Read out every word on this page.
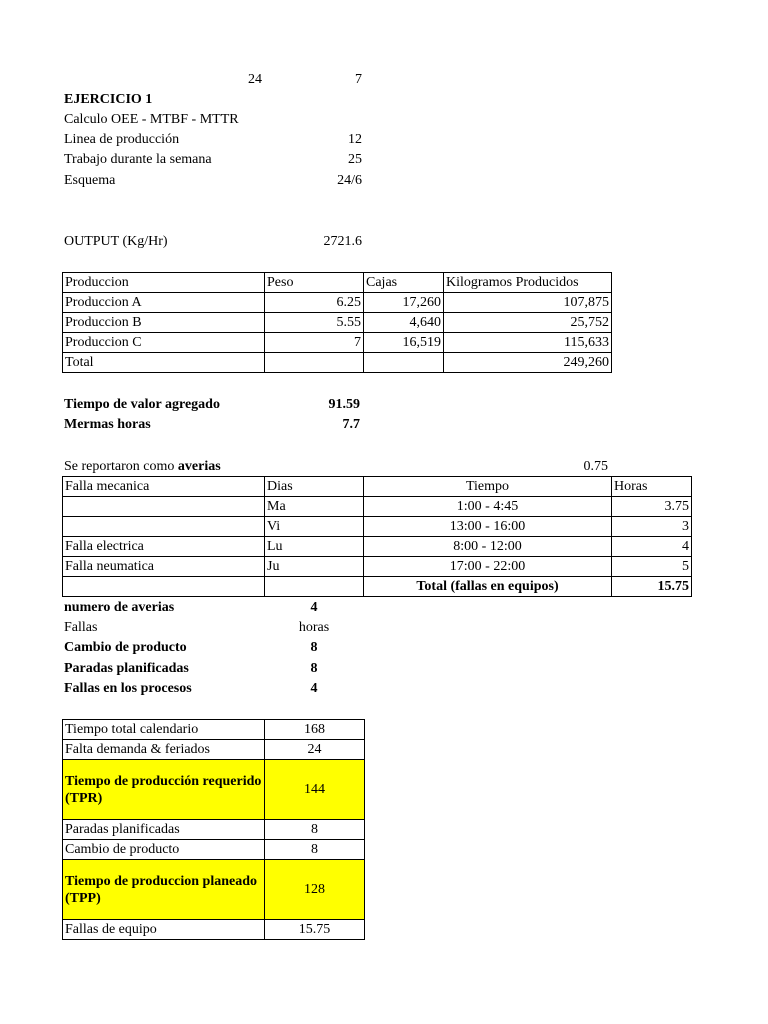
24	7
EJERCICIO 1
Calculo OEE - MTBF - MTTR
Linea de producción	12
Trabajo durante la semana	25
Esquema	24/6
OUTPUT (Kg/Hr)	2721.6
Produccion	Peso	Cajas	Kilogramos Producidos
Produccion A	6.25	17,260	107,875
Produccion B	5.55	4,640	25,752
Produccion C	7	16,519	115,633
Total			249,260
Tiempo de valor agregado	91.59
Mermas horas	7.7
Se reportaron como averias	0.75
Falla mecanica	Dias	Tiempo	Horas
	Ma	1:00 - 4:45	3.75
	Vi	13:00 - 16:00	3
Falla electrica	Lu	8:00 - 12:00	4
Falla neumatica	Ju	17:00 - 22:00	5
		Total (fallas en equipos)	15.75
numero de averias	4
Fallas	horas
Cambio de producto	8
Paradas planificadas	8
Fallas en los procesos	4
Tiempo total calendario	168
Falta demanda & feriados	24
Tiempo de producción requerido
(TPR)	144
Paradas planificadas	8
Cambio de producto	8
Tiempo de produccion planeado
(TPP)	128
Fallas de equipo	15.75
